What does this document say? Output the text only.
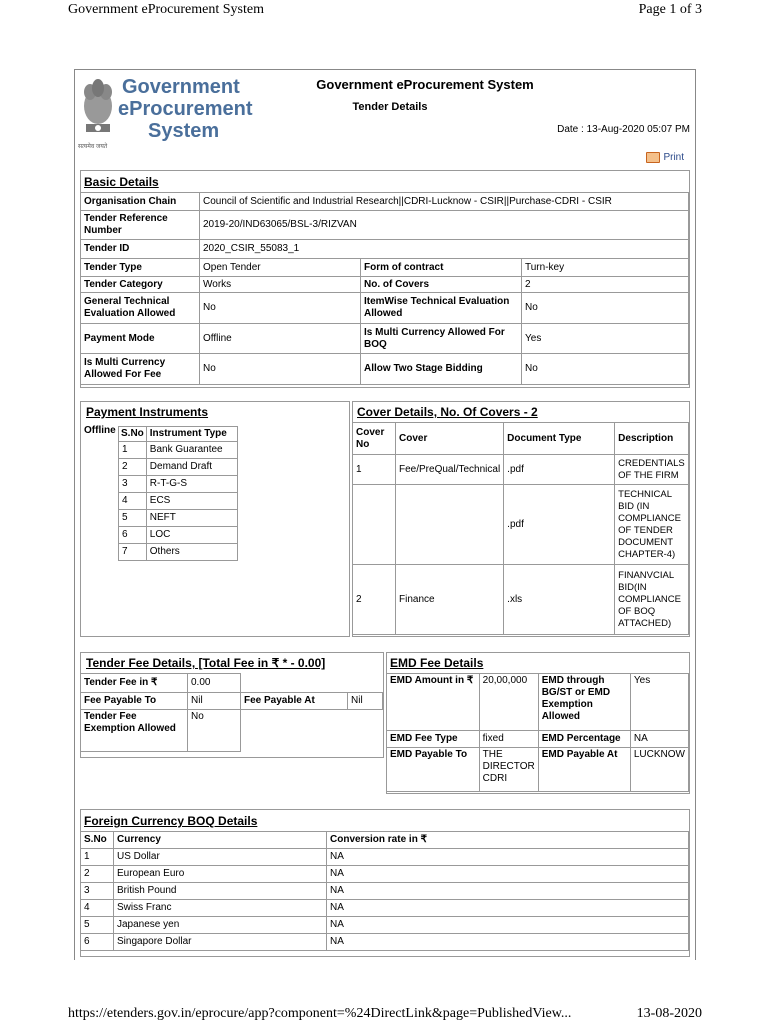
Government eProcurement System	Page 1 of 3
Government
eProcurement
System
सत्यमेव जयते
Government eProcurement System
Tender Details
Date : 13-Aug-2020 05:07 PM
Print
Basic Details
Organisation Chain	Council of Scientific and Industrial Research||CDRI-Lucknow - CSIR||Purchase-CDRI - CSIR		
Tender Reference Number	2019-20/IND63065/BSL-3/RIZVAN		
Tender ID	2020_CSIR_55083_1		
Tender Type	Open Tender	Form of contract	Turn-key
Tender Category	Works	No. of Covers	2
General Technical Evaluation Allowed	No	ItemWise Technical Evaluation Allowed	No
Payment Mode	Offline	Is Multi Currency Allowed For BOQ	Yes
Is Multi Currency Allowed For Fee	No	Allow Two Stage Bidding	No
Payment Instruments
Offline S.No	Instrument Type
1	Bank Guarantee
2	Demand Draft
3	R-T-G-S
4	ECS
5	NEFT
6	LOC
7	Others
Cover Details, No. Of Covers - 2
Cover No	Cover	Document Type	Description
1	Fee/PreQual/Technical	.pdf	CREDENTIALS OF THE FIRM
		.pdf	TECHNICAL BID (IN COMPLIANCE OF TENDER DOCUMENT CHAPTER-4)
2	Finance	.xls	FINANVCIAL BID(IN COMPLIANCE OF BOQ ATTACHED)
Tender Fee Details, [Total Fee in ₹ * - 0.00]
Tender Fee in ₹	0.00		
Fee Payable To	Nil	Fee Payable At	Nil
Tender Fee Exemption Allowed	No		
EMD Fee Details
EMD Amount in ₹	20,00,000	EMD through BG/ST or EMD Exemption Allowed	Yes
EMD Fee Type	fixed	EMD Percentage	NA
EMD Payable To	THE DIRECTOR CDRI	EMD Payable At	LUCKNOW
Foreign Currency BOQ Details
S.No	Currency	Conversion rate in ₹
1	US Dollar	NA
2	European Euro	NA
3	British Pound	NA
4	Swiss Franc	NA
5	Japanese yen	NA
6	Singapore Dollar	NA
https://etenders.gov.in/eprocure/app?component=%24DirectLink&page=PublishedView...	13-08-2020
